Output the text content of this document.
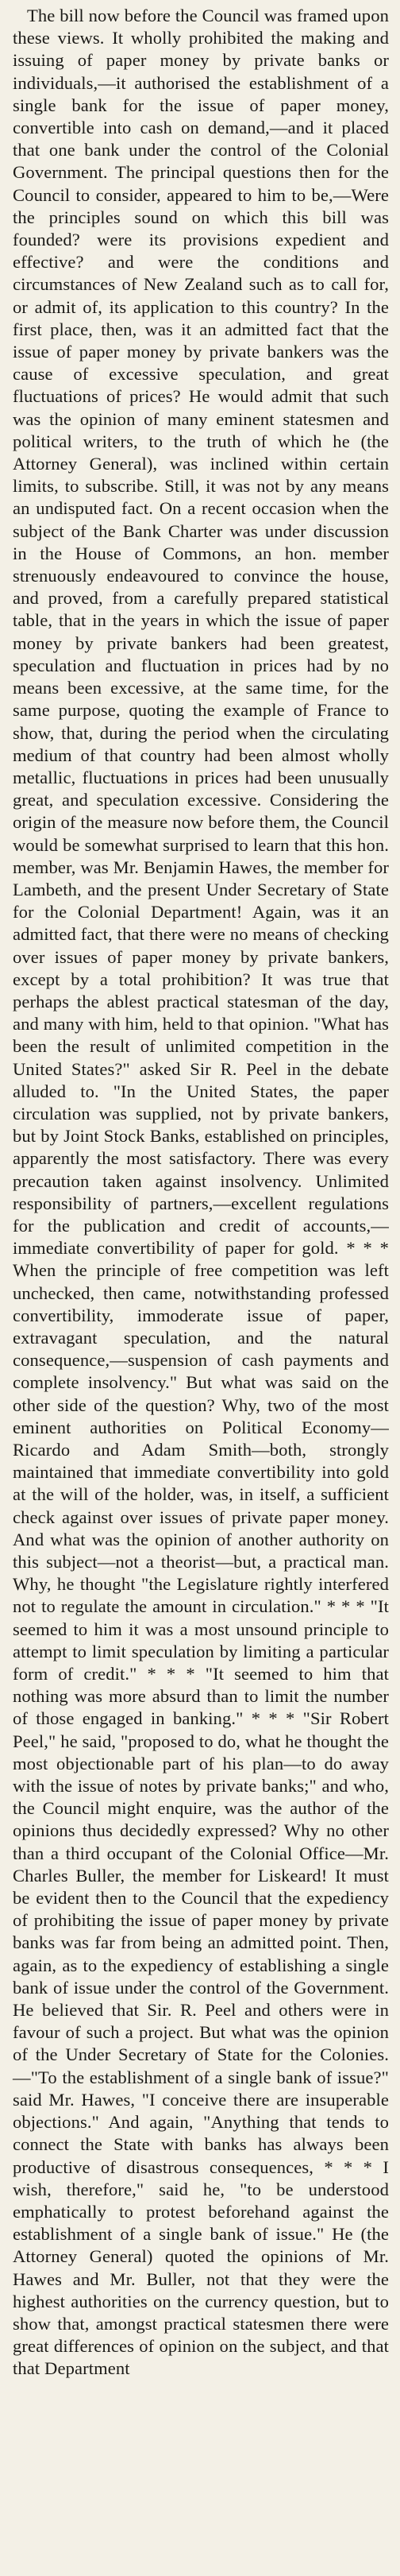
The bill now before the Council was framed upon these views. It wholly prohibited the making and issuing of paper money by private banks or individuals,—it authorised the establishment of a single bank for the issue of paper money, convertible into cash on demand,—and it placed that one bank under the control of the Colonial Government. The principal questions then for the Council to consider, appeared to him to be,—Were the principles sound on which this bill was founded? were its provisions expedient and effective? and were the conditions and circumstances of New Zealand such as to call for, or admit of, its application to this country? In the first place, then, was it an admitted fact that the issue of paper money by private bankers was the cause of excessive speculation, and great fluctuations of prices? He would admit that such was the opinion of many eminent statesmen and political writers, to the truth of which he (the Attorney General), was inclined within certain limits, to subscribe. Still, it was not by any means an undisputed fact. On a recent occasion when the subject of the Bank Charter was under discussion in the House of Commons, an hon. member strenuously endeavoured to convince the house, and proved, from a carefully prepared statistical table, that in the years in which the issue of paper money by private bankers had been greatest, speculation and fluctuation in prices had by no means been excessive, at the same time, for the same purpose, quoting the example of France to show, that, during the period when the circulating medium of that country had been almost wholly metallic, fluctuations in prices had been unusually great, and speculation excessive. Considering the origin of the measure now before them, the Council would be somewhat surprised to learn that this hon. member, was Mr. Benjamin Hawes, the member for Lambeth, and the present Under Secretary of State for the Colonial Department! Again, was it an admitted fact, that there were no means of checking over issues of paper money by private bankers, except by a total prohibition? It was true that perhaps the ablest practical statesman of the day, and many with him, held to that opinion. "What has been the result of unlimited competition in the United States?" asked Sir R. Peel in the debate alluded to. "In the United States, the paper circulation was supplied, not by private bankers, but by Joint Stock Banks, established on principles, apparently the most satisfactory. There was every precaution taken against insolvency. Unlimited responsibility of partners,—excellent regulations for the publication and credit of accounts,—immediate convertibility of paper for gold. * * * When the principle of free competition was left unchecked, then came, notwithstanding professed convertibility, immoderate issue of paper, extravagant speculation, and the natural consequence,—suspension of cash payments and complete insolvency." But what was said on the other side of the question? Why, two of the most eminent authorities on Political Economy—Ricardo and Adam Smith—both, strongly maintained that immediate convertibility into gold at the will of the holder, was, in itself, a sufficient check against over issues of private paper money. And what was the opinion of another authority on this subject—not a theorist—but, a practical man. Why, he thought "the Legislature rightly interfered not to regulate the amount in circulation." * * * "It seemed to him it was a most unsound principle to attempt to limit speculation by limiting a particular form of credit." * * * "It seemed to him that nothing was more absurd than to limit the number of those engaged in banking." * * * "Sir Robert Peel," he said, "proposed to do, what he thought the most objectionable part of his plan—to do away with the issue of notes by private banks;" and who, the Council might enquire, was the author of the opinions thus decidedly expressed? Why no other than a third occupant of the Colonial Office—Mr. Charles Buller, the member for Liskeard! It must be evident then to the Council that the expediency of prohibiting the issue of paper money by private banks was far from being an admitted point. Then, again, as to the expediency of establishing a single bank of issue under the control of the Government. He believed that Sir. R. Peel and others were in favour of such a project. But what was the opinion of the Under Secretary of State for the Colonies.—"To the establishment of a single bank of issue?" said Mr. Hawes, "I conceive there are insuperable objections." And again, "Anything that tends to connect the State with banks has always been productive of disastrous consequences, * * * I wish, therefore," said he, "to be understood emphatically to protest beforehand against the establishment of a single bank of issue." He (the Attorney General) quoted the opinions of Mr. Hawes and Mr. Buller, not that they were the highest authorities on the currency question, but to show that, amongst practical statesmen there were great differences of opinion on the subject, and that that Department
